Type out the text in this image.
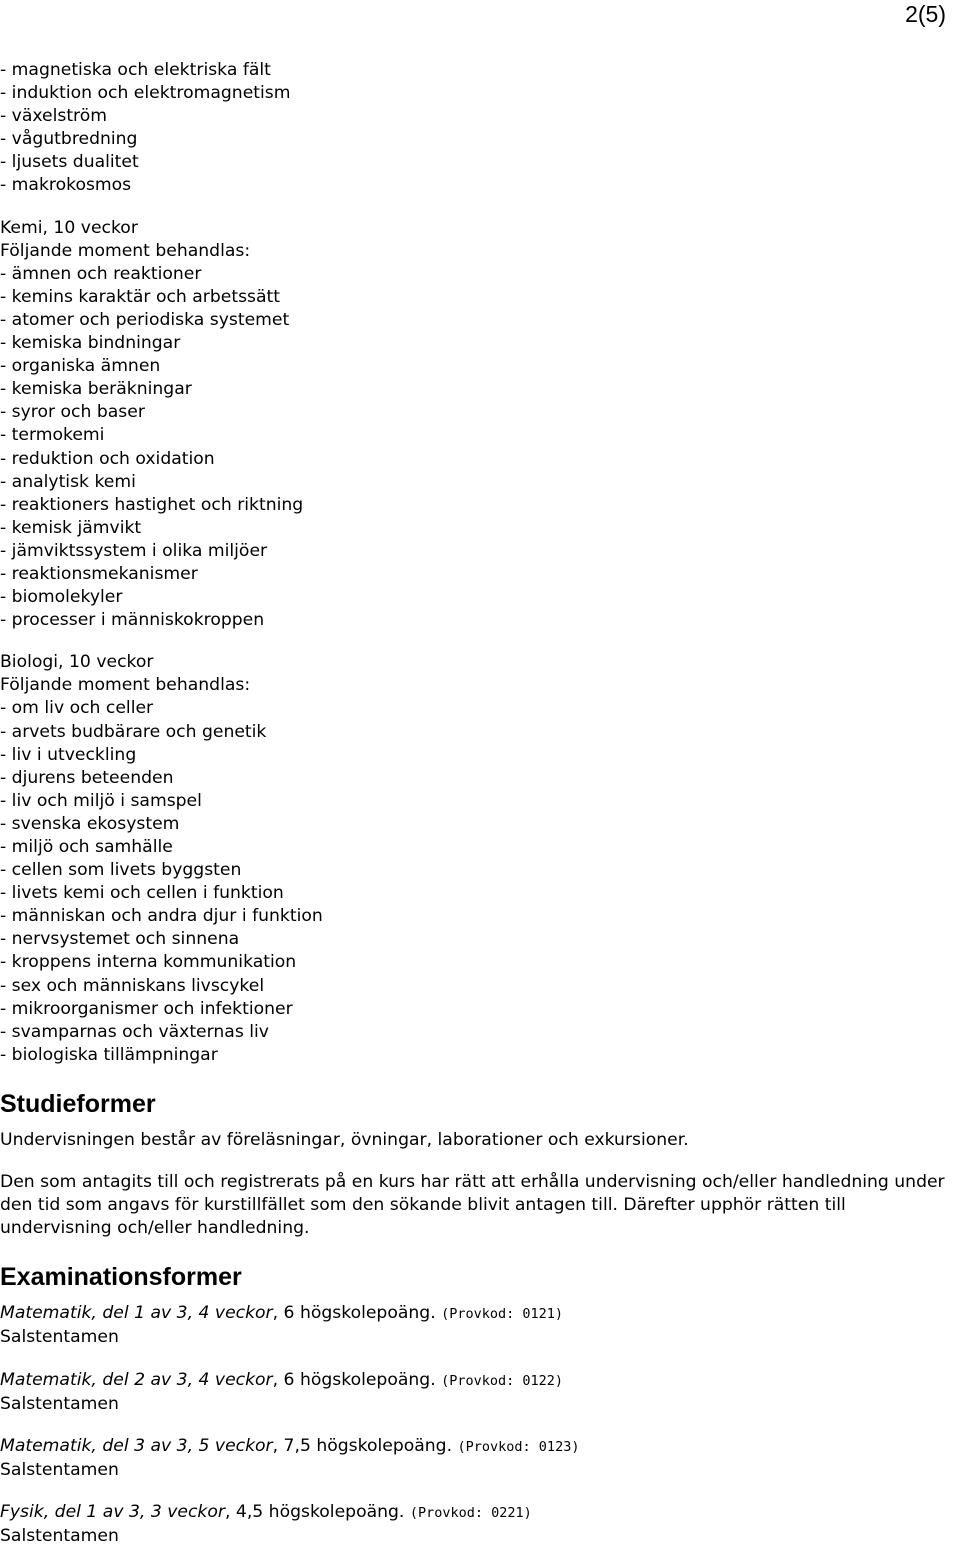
2(5)
- magnetiska och elektriska fält
- induktion och elektromagnetism
- växelström
- vågutbredning
- ljusets dualitet
- makrokosmos
Kemi, 10 veckor
Följande moment behandlas:
- ämnen och reaktioner
- kemins karaktär och arbetssätt
- atomer och periodiska systemet
- kemiska bindningar
- organiska ämnen
- kemiska beräkningar
- syror och baser
- termokemi
- reduktion och oxidation
- analytisk kemi
- reaktioners hastighet och riktning
- kemisk jämvikt
- jämviktssystem i olika miljöer
- reaktionsmekanismer
- biomolekyler
- processer i människokroppen
Biologi, 10 veckor
Följande moment behandlas:
- om liv och celler
- arvets budbärare och genetik
- liv i utveckling
- djurens beteenden
- liv och miljö i samspel
- svenska ekosystem
- miljö och samhälle
- cellen som livets byggsten
- livets kemi och cellen i funktion
- människan och andra djur i funktion
- nervsystemet och sinnena
- kroppens interna kommunikation
- sex och människans livscykel
- mikroorganismer och infektioner
- svamparnas och växternas liv
- biologiska tillämpningar
Studieformer
Undervisningen består av föreläsningar, övningar, laborationer och exkursioner.
Den som antagits till och registrerats på en kurs har rätt att erhålla undervisning och/eller handledning under den tid som angavs för kurstillfället som den sökande blivit antagen till. Därefter upphör rätten till undervisning och/eller handledning.
Examinationsformer
Matematik, del 1 av 3, 4 veckor, 6 högskolepoäng. (Provkod: 0121)
Salstentamen
Matematik, del 2 av 3, 4 veckor, 6 högskolepoäng. (Provkod: 0122)
Salstentamen
Matematik, del 3 av 3, 5 veckor, 7,5 högskolepoäng. (Provkod: 0123)
Salstentamen
Fysik, del 1 av 3, 3 veckor, 4,5 högskolepoäng. (Provkod: 0221)
Salstentamen
